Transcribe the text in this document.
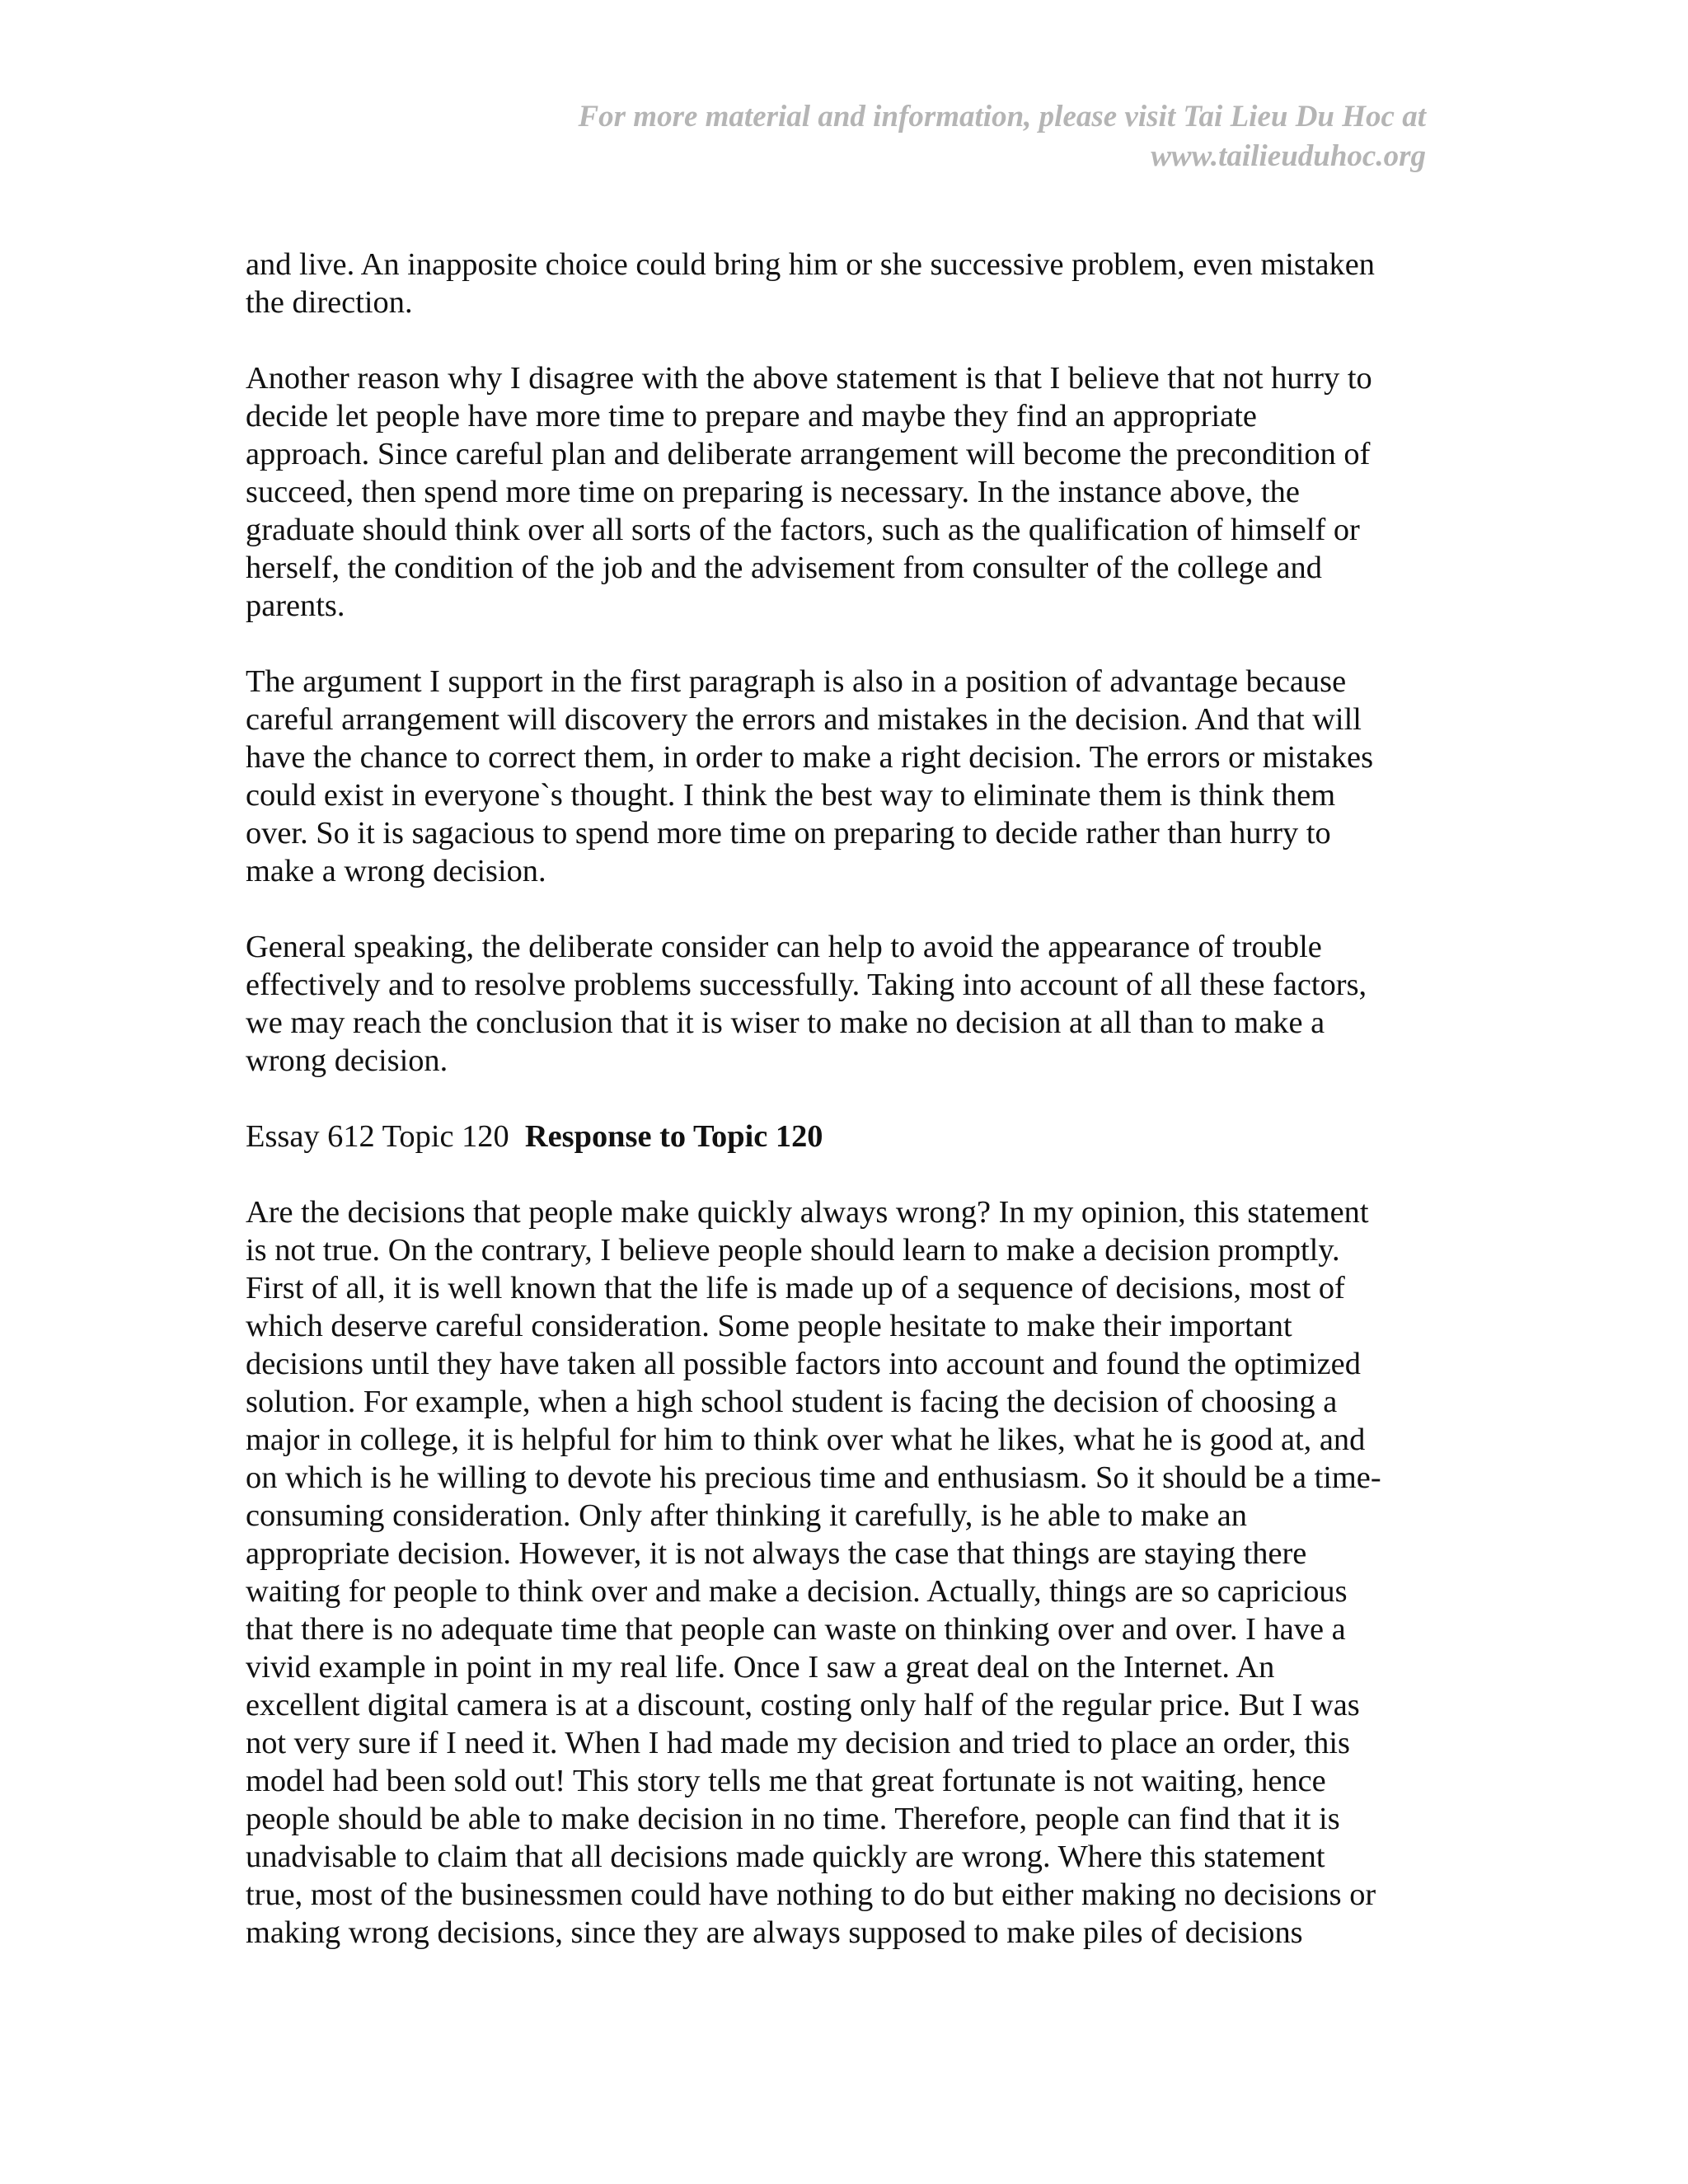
For more material and information, please visit Tai Lieu Du Hoc at
www.tailieuduhoc.org
and live. An inapposite choice could bring him or she successive problem, even mistaken
the direction.
Another reason why I disagree with the above statement is that I believe that not hurry to
decide let people have more time to prepare and maybe they find an appropriate
approach. Since careful plan and deliberate arrangement will become the precondition of
succeed, then spend more time on preparing is necessary. In the instance above, the
graduate should think over all sorts of the factors, such as the qualification of himself or
herself, the condition of the job and the advisement from consulter of the college and
parents.
The argument I support in the first paragraph is also in a position of advantage because
careful arrangement will discovery the errors and mistakes in the decision. And that will
have the chance to correct them, in order to make a right decision. The errors or mistakes
could exist in everyone`s thought. I think the best way to eliminate them is think them
over. So it is sagacious to spend more time on preparing to decide rather than hurry to
make a wrong decision.
General speaking, the deliberate consider can help to avoid the appearance of trouble
effectively and to resolve problems successfully. Taking into account of all these factors,
we may reach the conclusion that it is wiser to make no decision at all than to make a
wrong decision.
Essay 612 Topic 120 Response to Topic 120
Are the decisions that people make quickly always wrong? In my opinion, this statement
is not true. On the contrary, I believe people should learn to make a decision promptly.
First of all, it is well known that the life is made up of a sequence of decisions, most of
which deserve careful consideration. Some people hesitate to make their important
decisions until they have taken all possible factors into account and found the optimized
solution. For example, when a high school student is facing the decision of choosing a
major in college, it is helpful for him to think over what he likes, what he is good at, and
on which is he willing to devote his precious time and enthusiasm. So it should be a time-
consuming consideration. Only after thinking it carefully, is he able to make an
appropriate decision. However, it is not always the case that things are staying there
waiting for people to think over and make a decision. Actually, things are so capricious
that there is no adequate time that people can waste on thinking over and over. I have a
vivid example in point in my real life. Once I saw a great deal on the Internet. An
excellent digital camera is at a discount, costing only half of the regular price. But I was
not very sure if I need it. When I had made my decision and tried to place an order, this
model had been sold out! This story tells me that great fortunate is not waiting, hence
people should be able to make decision in no time. Therefore, people can find that it is
unadvisable to claim that all decisions made quickly are wrong. Where this statement
true, most of the businessmen could have nothing to do but either making no decisions or
making wrong decisions, since they are always supposed to make piles of decisions
